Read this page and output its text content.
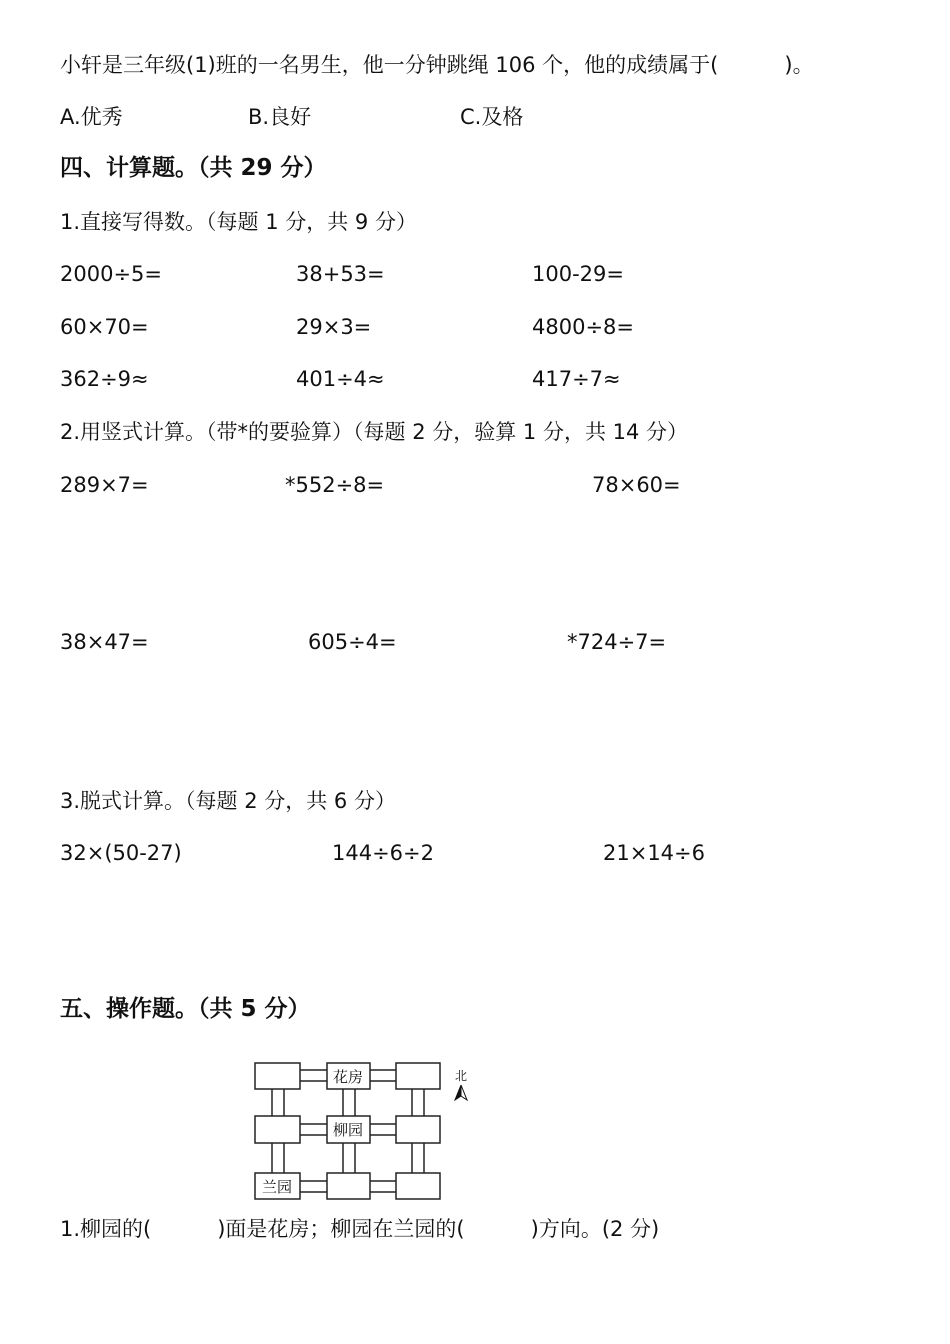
小轩是三年级(1)班的一名男生，他一分钟跳绳 106 个，他的成绩属于(	)。
A.优秀	B.良好	C.及格
四、计算题。（共 29 分）
1.直接写得数。（每题 1 分，共 9 分）
2000÷5=	38+53=	100-29=
60×70=	29×3=	4800÷8=
362÷9≈	401÷4≈	417÷7≈
2.用竖式计算。（带*的要验算）（每题 2 分，验算 1 分，共 14 分）
289×7=	*552÷8=	78×60=
38×47=	605÷4=	*724÷7=
3.脱式计算。（每题 2 分，共 6 分）
32×(50-27)	144÷6÷2	21×14÷6
五、操作题。（共 5 分）
花房
柳园
兰园
北
1.柳园的(	)面是花房；柳园在兰园的(	)方向。(2 分)
